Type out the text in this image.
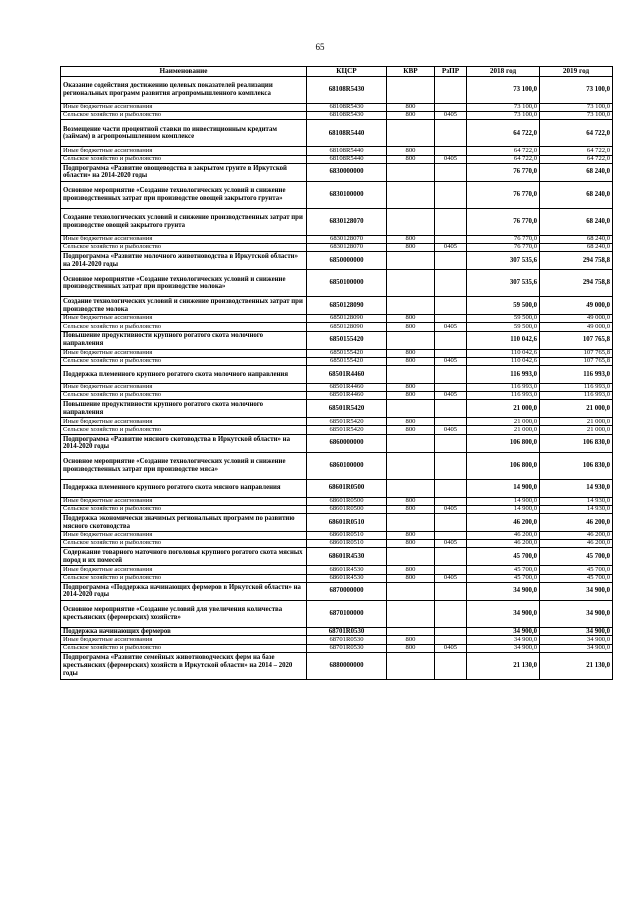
65
Наименование	КЦСР	КВР	РзПР	2018 год	2019 год
Оказание содействия достижению целевых показателей реализации региональных программ развития агропромышленного комплекса	68108R5430			73 100,0	73 100,0
Иные бюджетные ассигнования	68108R5430	800		73 100,0	73 100,0
Сельское хозяйство и рыболовство	68108R5430	800	0405	73 100,0	73 100,0
Возмещение части процентной ставки по инвестиционным кредитам (займам) в агропромышленном комплексе	68108R5440			64 722,0	64 722,0
Иные бюджетные ассигнования	68108R5440	800		64 722,0	64 722,0
Сельское хозяйство и рыболовство	68108R5440	800	0405	64 722,0	64 722,0
Подпрограмма «Развитие овощеводства в закрытом грунте в Иркутской области» на 2014-2020 годы	6830000000			76 770,0	68 240,0
Основное мероприятие «Создание технологических условий и снижение производственных затрат при производстве овощей закрытого грунта»	6830100000			76 770,0	68 240,0
Создание технологических условий и снижение производственных затрат при производстве овощей закрытого грунта	6830128070			76 770,0	68 240,0
Иные бюджетные ассигнования	6830128070	800		76 770,0	68 240,0
Сельское хозяйство и рыболовство	6830128070	800	0405	76 770,0	68 240,0
Подпрограмма «Развитие молочного животноводства в Иркутской области» на 2014-2020 годы	6850000000			307 535,6	294 758,8
Основное мероприятие «Создание технологических условий и снижение производственных затрат при производстве молока»	6850100000			307 535,6	294 758,8
Создание технологических условий и снижение производственных затрат при производстве молока	6850128090			59 500,0	49 000,0
Иные бюджетные ассигнования	6850128090	800		59 500,0	49 000,0
Сельское хозяйство и рыболовство	6850128090	800	0405	59 500,0	49 000,0
Повышение продуктивности крупного рогатого скота молочного направления	6850155420			110 042,6	107 765,8
Иные бюджетные ассигнования	6850155420	800		110 042,6	107 765,8
Сельское хозяйство и рыболовство	6850155420	800	0405	110 042,6	107 765,8
Поддержка племенного крупного рогатого скота молочного направления	68501R4460			116 993,0	116 993,0
Иные бюджетные ассигнования	68501R4460	800		116 993,0	116 993,0
Сельское хозяйство и рыболовство	68501R4460	800	0405	116 993,0	116 993,0
Повышение продуктивности крупного рогатого скота молочного направления	68501R5420			21 000,0	21 000,0
Иные бюджетные ассигнования	68501R5420	800		21 000,0	21 000,0
Сельское хозяйство и рыболовство	68501R5420	800	0405	21 000,0	21 000,0
Подпрограмма «Развитие мясного скотоводства в Иркутской области» на 2014-2020 годы	6860000000			106 800,0	106 830,0
Основное мероприятие «Создание технологических условий и снижение производственных затрат при производстве мяса»	6860100000			106 800,0	106 830,0
Поддержка племенного крупного рогатого скота мясного направления	68601R0500			14 900,0	14 930,0
Иные бюджетные ассигнования	68601R0500	800		14 900,0	14 930,0
Сельское хозяйство и рыболовство	68601R0500	800	0405	14 900,0	14 930,0
Поддержка экономически значимых региональных программ по развитию мясного скотоводства	68601R0510			46 200,0	46 200,0
Иные бюджетные ассигнования	68601R0510	800		46 200,0	46 200,0
Сельское хозяйство и рыболовство	68601R0510	800	0405	46 200,0	46 200,0
Содержание товарного маточного поголовья крупного рогатого скота мясных пород и их помесей	68601R4530			45 700,0	45 700,0
Иные бюджетные ассигнования	68601R4530	800		45 700,0	45 700,0
Сельское хозяйство и рыболовство	68601R4530	800	0405	45 700,0	45 700,0
Подпрограмма «Поддержка начинающих фермеров в Иркутской области» на 2014-2020 годы	6870000000			34 900,0	34 900,0
Основное мероприятие «Создание условий для увеличения количества крестьянских (фермерских) хозяйств»	6870100000			34 900,0	34 900,0
Поддержка начинающих фермеров	68701R0530			34 900,0	34 900,0
Иные бюджетные ассигнования	68701R0530	800		34 900,0	34 900,0
Сельское хозяйство и рыболовство	68701R0530	800	0405	34 900,0	34 900,0
Подпрограмма «Развитие семейных животноводческих ферм на базе крестьянских (фермерских) хозяйств в Иркутской области» на 2014 – 2020 годы	6880000000			21 130,0	21 130,0
